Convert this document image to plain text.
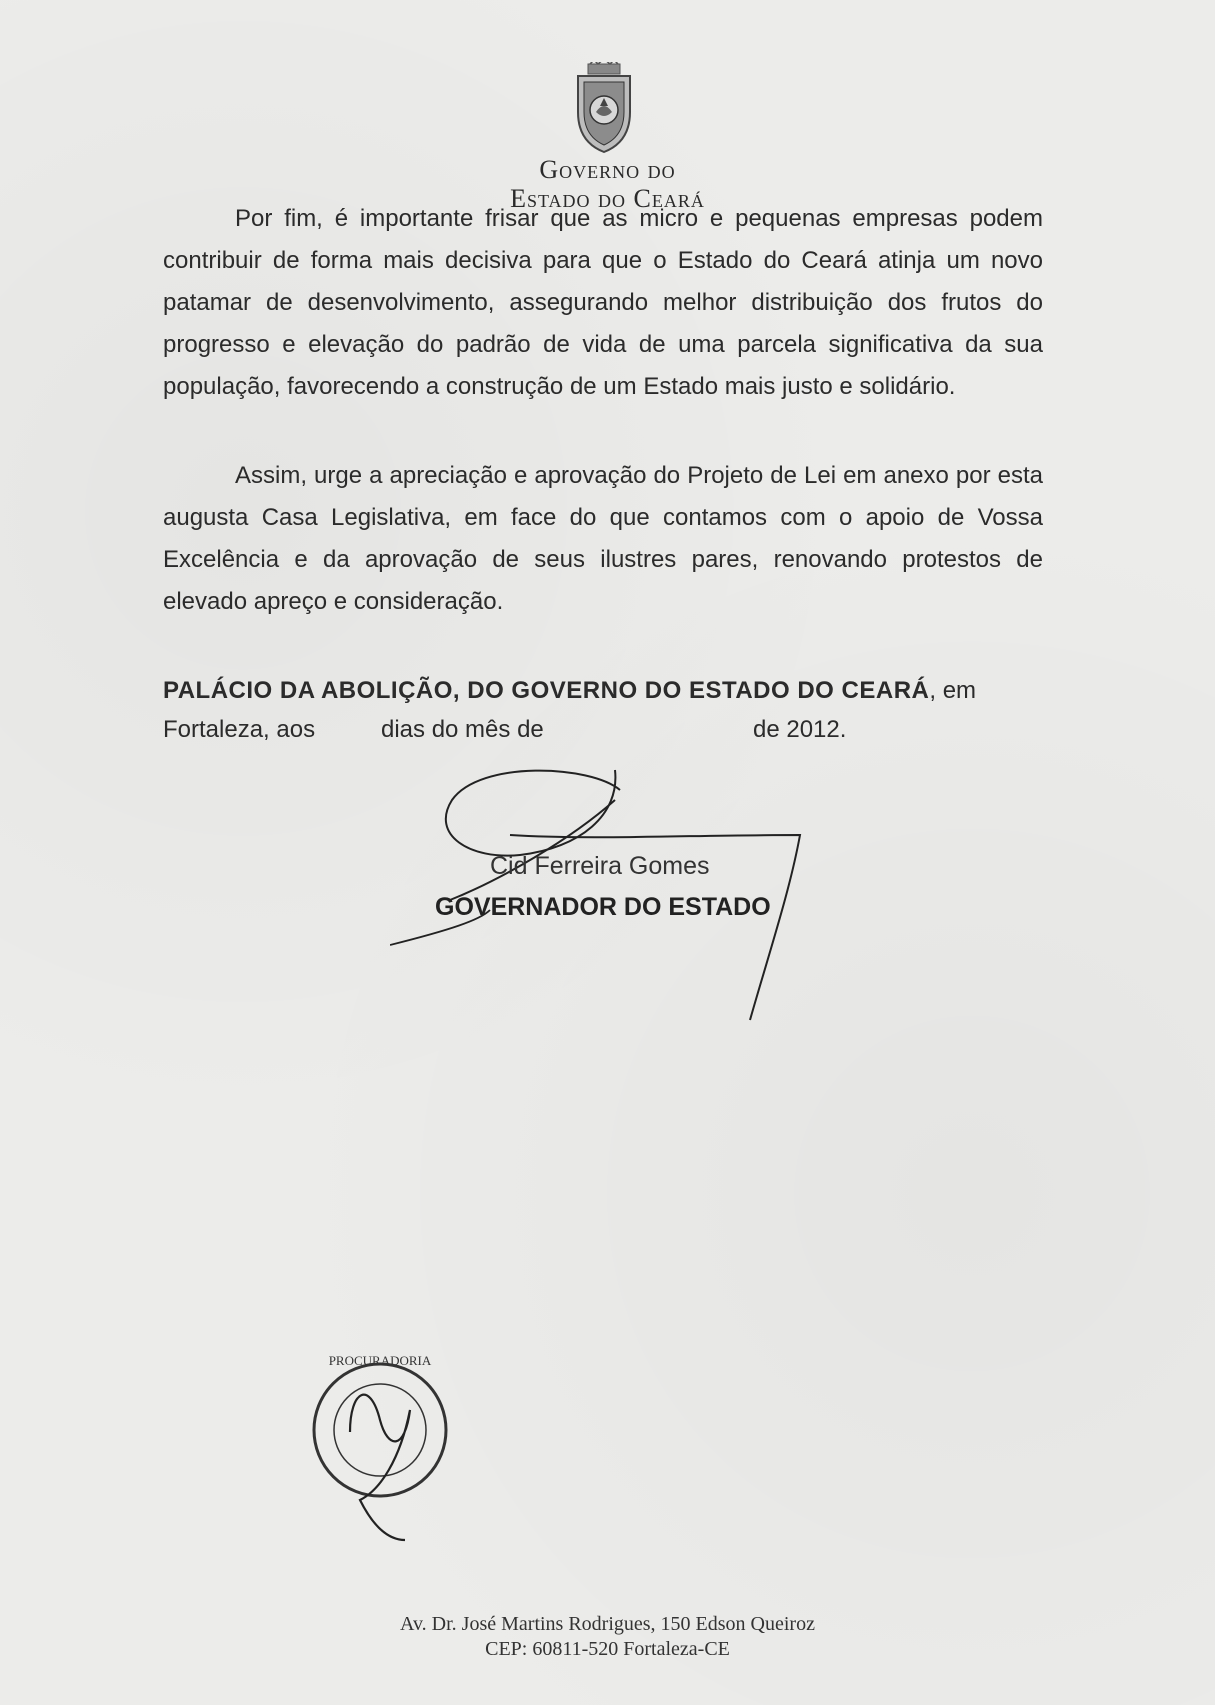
Governo do
Estado do Ceará
Por fim, é importante frisar que as micro e pequenas empresas podem contribuir de forma mais decisiva para que o Estado do Ceará atinja um novo patamar de desenvolvimento, assegurando melhor distribuição dos frutos do progresso e elevação do padrão de vida de uma parcela significativa da sua população, favorecendo a construção de um Estado mais justo e solidário.
Assim, urge a apreciação e aprovação do Projeto de Lei em anexo por esta augusta Casa Legislativa, em face do que contamos com o apoio de Vossa Excelência e da aprovação de seus ilustres pares, renovando protestos de elevado apreço e consideração.
PALÁCIO DA ABOLIÇÃO, DO GOVERNO DO ESTADO DO CEARÁ, em
Fortaleza, aos	dias do mês de	de 2012.
Cid Ferreira Gomes
GOVERNADOR DO ESTADO
PROCURADORIA
Av. Dr. José Martins Rodrigues, 150 Edson Queiroz
CEP: 60811-520 Fortaleza-CE
